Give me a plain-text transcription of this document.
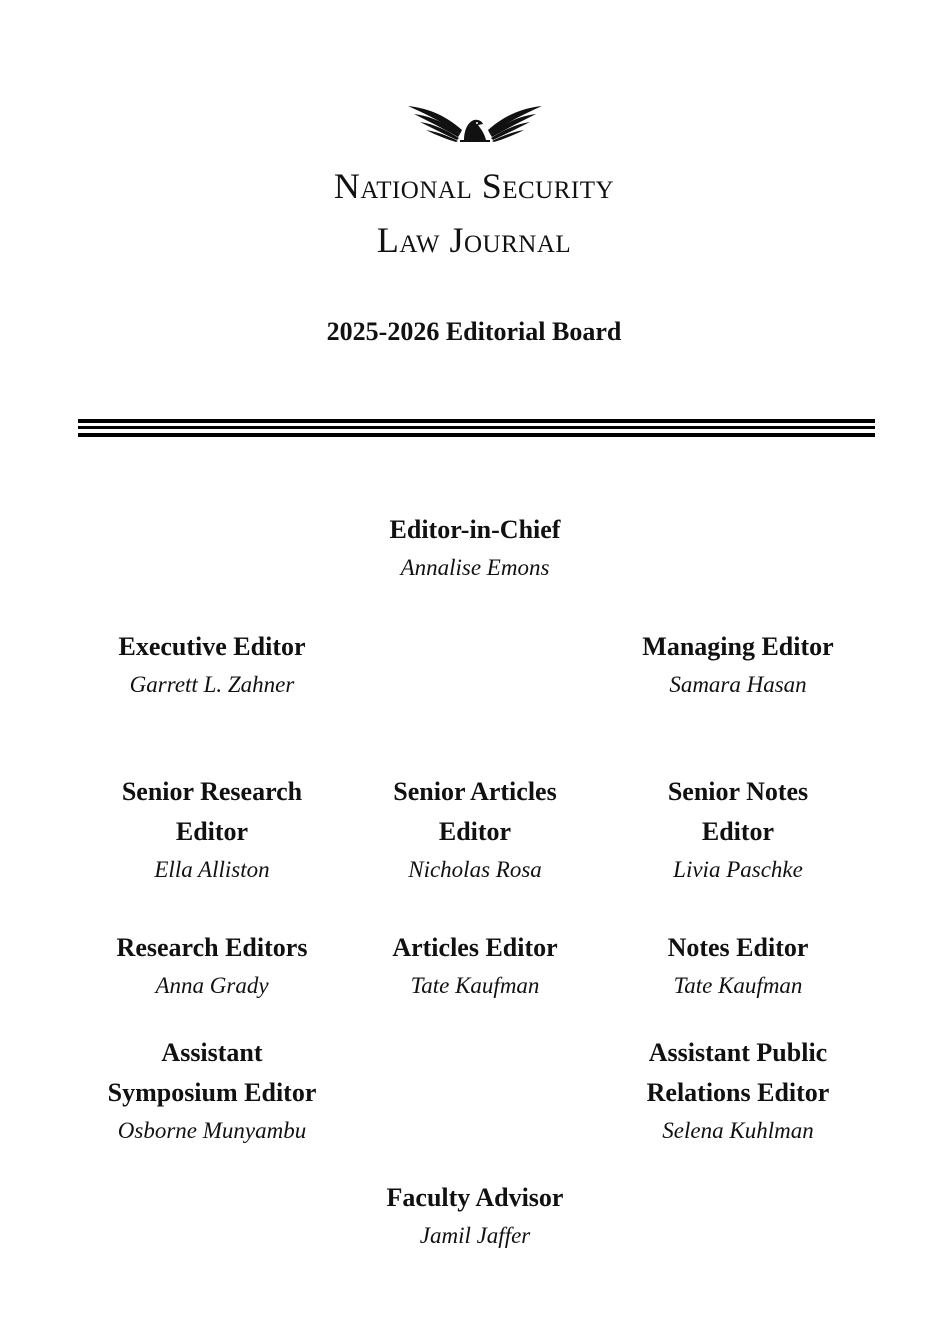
National Security
Law Journal
2025-2026 Editorial Board
Editor-in-Chief
Annalise Emons
Executive Editor
Garrett L. Zahner
Managing Editor
Samara Hasan
Senior Research
Editor
Ella Alliston
Senior Articles
Editor
Nicholas Rosa
Senior Notes
Editor
Livia Paschke
Research Editors
Anna Grady
Articles Editor
Tate Kaufman
Notes Editor
Tate Kaufman
Assistant
Symposium Editor
Osborne Munyambu
Assistant Public
Relations Editor
Selena Kuhlman
Faculty Advisor
Jamil Jaffer
